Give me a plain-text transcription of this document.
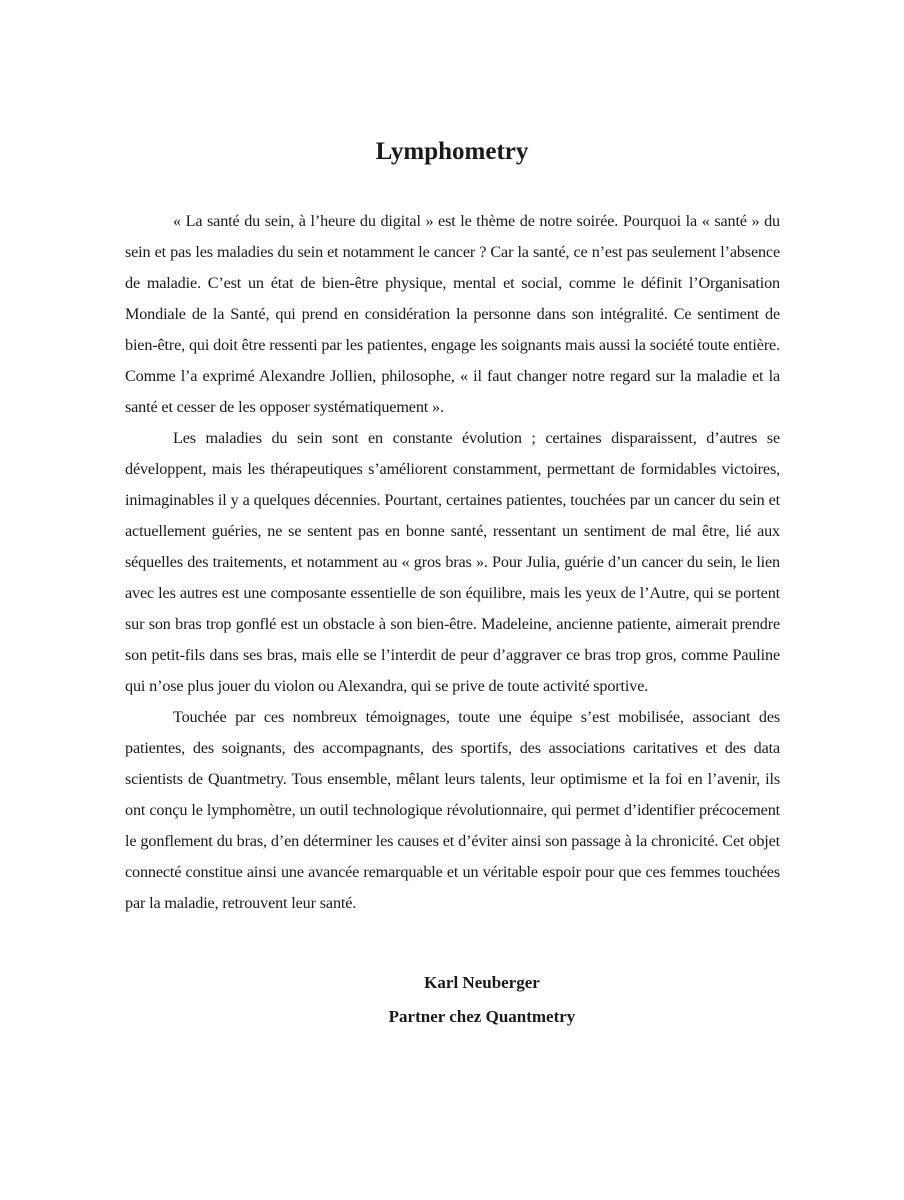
Lymphometry

« La santé du sein, à l’heure du digital » est le thème de notre soirée. Pourquoi la « santé » du sein et pas les maladies du sein et notamment le cancer ? Car la santé, ce n’est pas seulement l’absence de maladie. C’est un état de bien-être physique, mental et social, comme le définit l’Organisation Mondiale de la Santé, qui prend en considération la personne dans son intégralité. Ce sentiment de bien-être, qui doit être ressenti par les patientes, engage les soignants mais aussi la société toute entière. Comme l’a exprimé Alexandre Jollien, philosophe, « il faut changer notre regard sur la maladie et la santé et cesser de les opposer systématiquement ».

Les maladies du sein sont en constante évolution ; certaines disparaissent, d’autres se développent, mais les thérapeutiques s’améliorent constamment, permettant de formidables victoires, inimaginables il y a quelques décennies. Pourtant, certaines patientes, touchées par un cancer du sein et actuellement guéries, ne se sentent pas en bonne santé, ressentant un sentiment de mal être, lié aux séquelles des traitements, et notamment au « gros bras ». Pour Julia, guérie d’un cancer du sein, le lien avec les autres est une composante essentielle de son équilibre, mais les yeux de l’Autre, qui se portent sur son bras trop gonflé est un obstacle à son bien-être. Madeleine, ancienne patiente, aimerait prendre son petit-fils dans ses bras, mais elle se l’interdit de peur d’aggraver ce bras trop gros, comme Pauline qui n’ose plus jouer du violon ou Alexandra, qui se prive de toute activité sportive.

Touchée par ces nombreux témoignages, toute une équipe s’est mobilisée, associant des patientes, des soignants, des accompagnants, des sportifs, des associations caritatives et des data scientists de Quantmetry. Tous ensemble, mêlant leurs talents, leur optimisme et la foi en l’avenir, ils ont conçu le lymphomètre, un outil technologique révolutionnaire, qui permet d’identifier précocement le gonflement du bras, d’en déterminer les causes et d’éviter ainsi son passage à la chronicité. Cet objet connecté constitue ainsi une avancée remarquable et un véritable espoir pour que ces femmes touchées par la maladie, retrouvent leur santé.

Karl Neuberger
Partner chez Quantmetry
